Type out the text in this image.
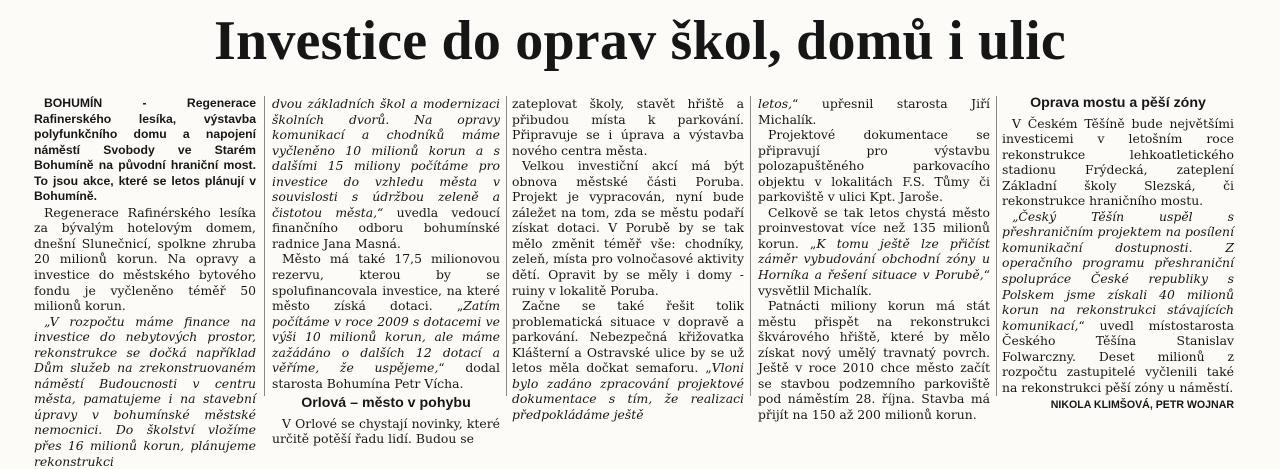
Investice do oprav škol, domů i ulic

BOHUMÍN - Regenerace Rafinerského lesíka, výstavba polyfunkčního domu a napojení náměstí Svobody ve Starém Bohumíně na původní hraniční most. To jsou akce, které se letos plánují v Bohumíně.

Regenerace Rafinérského lesíka za bývalým hotelovým domem, dnešní Slunečnicí, spolkne zhruba 20 milionů korun. Na opravy a investice do městského bytového fondu je vyčleněno téměř 50 milionů korun.

„V rozpočtu máme finance na investice do nebytových prostor, rekonstrukce se dočká například Dům služeb na zrekonstruovaném náměstí Budoucnosti v centru města, pamatujeme i na stavební úpravy v bohumínské městské nemocnici. Do školství vložíme přes 16 milionů korun, plánujeme rekonstrukci

dvou základních škol a modernizaci školních dvorů. Na opravy komunikací a chodníků máme vyčleněno 10 milionů korun a s dalšími 15 miliony počítáme pro investice do vzhledu města v souvislosti s údržbou zeleně a čistotou města,“ uvedla vedoucí finančního odboru bohumínské radnice Jana Masná.

Město má také 17,5 milionovou rezervu, kterou by se spolufinancovala investice, na které město získá dotaci. „Zatím počítáme v roce 2009 s dotacemi ve výši 10 milionů korun, ale máme zažádáno o dalších 12 dotací a věříme, že uspějeme,“ dodal starosta Bohumína Petr Vícha.

Orlová – město v pohybu

V Orlové se chystají novinky, které určitě potěší řadu lidí. Budou se

zateplovat školy, stavět hřiště a přibudou místa k parkování. Připravuje se i úprava a výstavba nového centra města.

Velkou investiční akcí má být obnova městské části Poruba. Projekt je vypracován, nyní bude záležet na tom, zda se městu podaří získat dotaci. V Porubě by se tak mělo změnit téměř vše: chodníky, zeleň, místa pro volnočasové aktivity dětí. Opravit by se měly i domy - ruiny v lokalitě Poruba.

Začne se také řešit tolik problematická situace v dopravě a parkování. Nebezpečná křižovatka Klášterní a Ostravské ulice by se už letos měla dočkat semaforu. „Vloni bylo zadáno zpracování projektové dokumentace s tím, že realizaci předpokládáme ještě

letos,“ upřesnil starosta Jiří Michalík.

Projektové dokumentace se připravují pro výstavbu polozapuštěného parkovacího objektu v lokalitách F.S. Tůmy či parkoviště v ulici Kpt. Jaroše.

Celkově se tak letos chystá město proinvestovat více než 135 milionů korun. „K tomu ještě lze přičíst záměr vybudování obchodní zóny u Horníka a řešení situace v Porubě,“ vysvětlil Michalík.

Patnácti miliony korun má stát městu přispět na rekonstrukci škvárového hřiště, které by mělo získat nový umělý travnatý povrch. Ještě v roce 2010 chce město začít se stavbou podzemního parkoviště pod náměstím 28. října. Stavba má přijít na 150 až 200 milionů korun.

Oprava mostu a pěší zóny

V Českém Těšíně bude největšími investicemi v letošním roce rekonstrukce lehkoatletického stadionu Frýdecká, zateplení Základní školy Slezská, či rekonstrukce hraničního mostu.

„Český Těšín uspěl s přeshraničním projektem na posílení komunikační dostupnosti. Z operačního programu přeshraniční spolupráce České republiky s Polskem jsme získali 40 milionů korun na rekonstrukci stávajících komunikací,“ uvedl místostarosta Českého Těšína Stanislav Folwarczny. Deset milionů z rozpočtu zastupitelé vyčlenili také na rekonstrukci pěší zóny u náměstí.

NIKOLA KLIMŠOVÁ, PETR WOJNAR
